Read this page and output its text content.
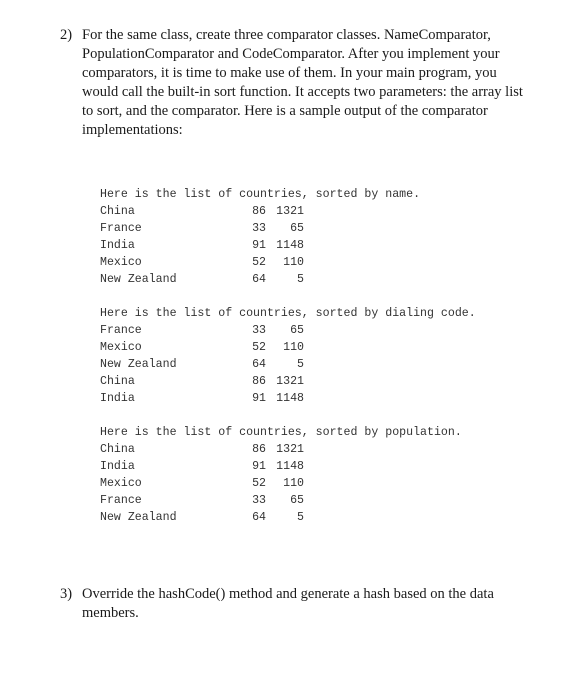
2) For the same class, create three comparator classes. NameComparator, PopulationComparator and CodeComparator. After you implement your comparators, it is time to make use of them. In your main program, you would call the built-in sort function. It accepts two parameters: the array list to sort, and the comparator. Here is a sample output of the comparator implementations:
Here is the list of countries, sorted by name.
China	86 1321
France	33	65
India	91 1148
Mexico	52	110
New Zealand	64	5
Here is the list of countries, sorted by dialing code.
France	33	65
Mexico	52	110
New Zealand	64	5
China	86 1321
India	91 1148
Here is the list of countries, sorted by population.
China	86 1321
India	91 1148
Mexico	52	110
France	33	65
New Zealand	64	5
3) Override the hashCode() method and generate a hash based on the data members.
